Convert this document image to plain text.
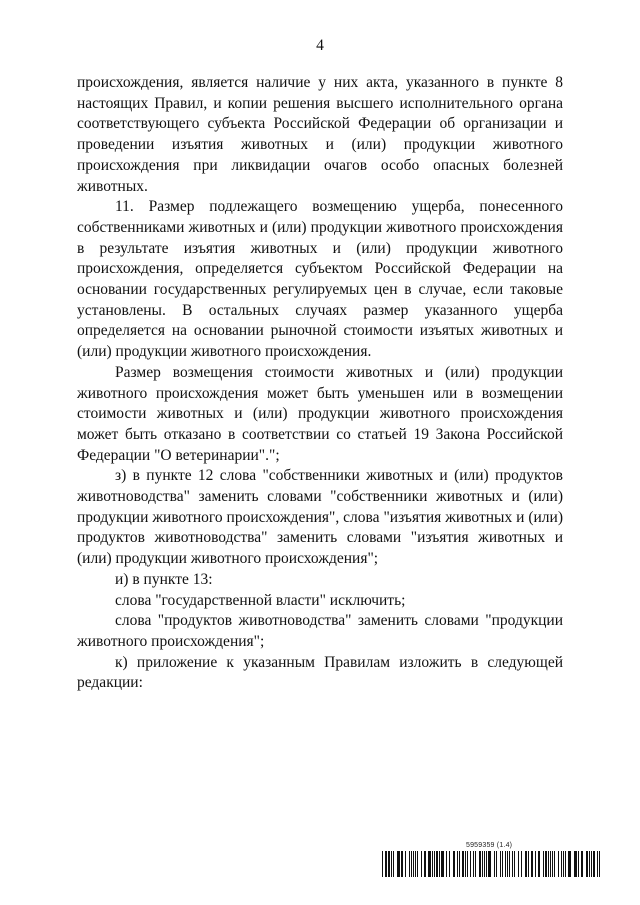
4

происхождения, является наличие у них акта, указанного в пункте 8 настоящих Правил, и копии решения высшего исполнительного органа соответствующего субъекта Российской Федерации об организации и проведении изъятия животных и (или) продукции животного происхождения при ликвидации очагов особо опасных болезней животных.

11. Размер подлежащего возмещению ущерба, понесенного собственниками животных и (или) продукции животного происхождения в результате изъятия животных и (или) продукции животного происхождения, определяется субъектом Российской Федерации на основании государственных регулируемых цен в случае, если таковые установлены. В остальных случаях размер указанного ущерба определяется на основании рыночной стоимости изъятых животных и (или) продукции животного происхождения.

Размер возмещения стоимости животных и (или) продукции животного происхождения может быть уменьшен или в возмещении стоимости животных и (или) продукции животного происхождения может быть отказано в соответствии со статьей 19 Закона Российской Федерации "О ветеринарии".";

з) в пункте 12 слова "собственники животных и (или) продуктов животноводства" заменить словами "собственники животных и (или) продукции животного происхождения", слова "изъятия животных и (или) продуктов животноводства" заменить словами "изъятия животных и (или) продукции животного происхождения";

и) в пункте 13:

слова "государственной власти" исключить;

слова "продуктов животноводства" заменить словами "продукции животного происхождения";

к) приложение к указанным Правилам изложить в следующей редакции:

5959359 (1.4)
